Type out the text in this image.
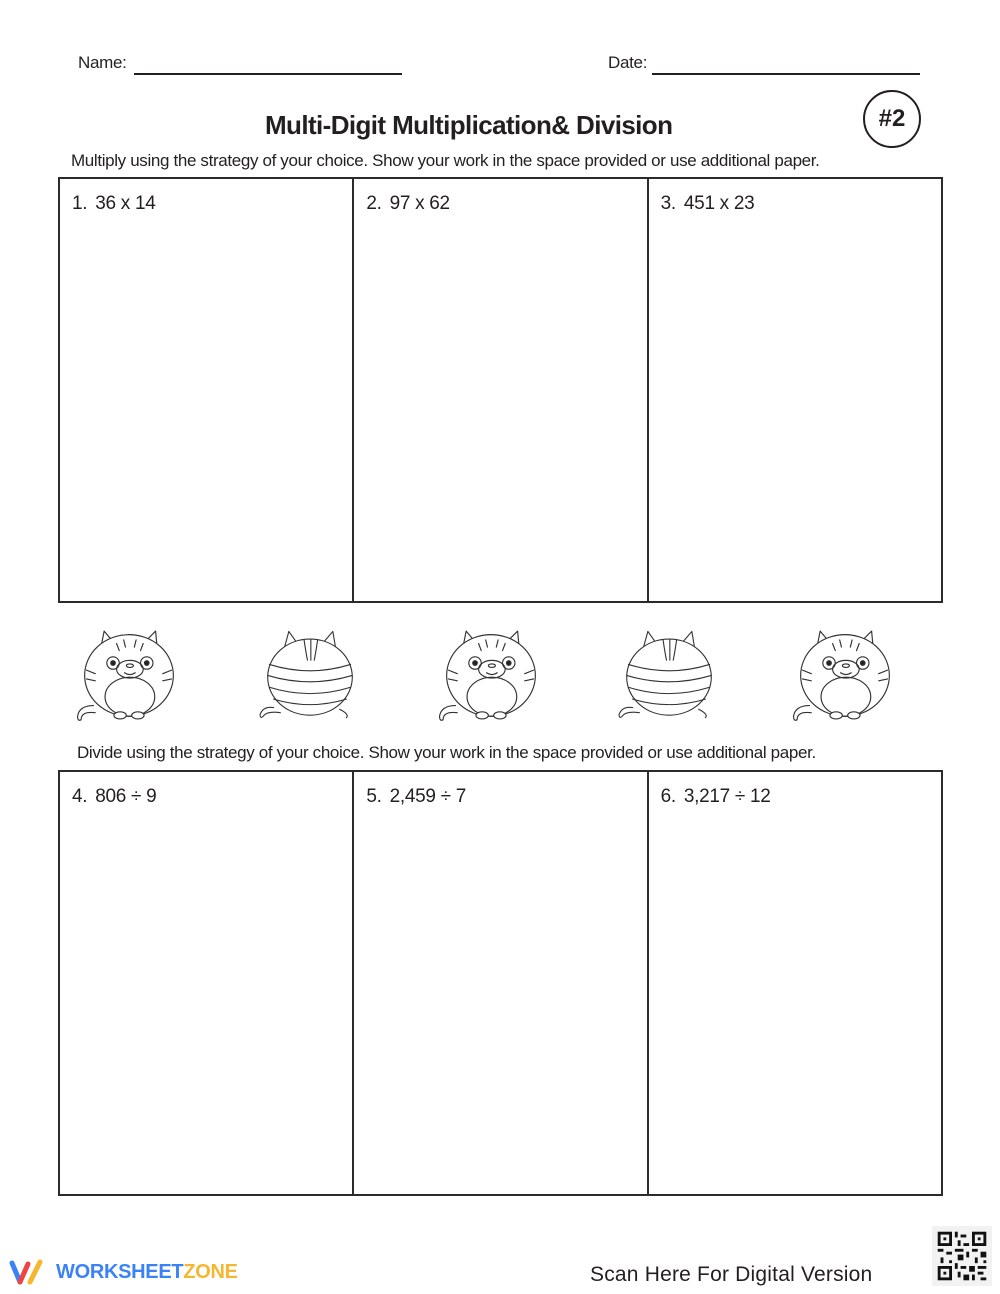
Name:	Date:
Multi-Digit Multiplication& Division	#2
Multiply using the strategy of your choice. Show your work in the space provided or use additional paper.
1. 36 x 14	2. 97 x 62	3. 451 x 23
Divide using the strategy of your choice. Show your work in the space provided or use additional paper.
4. 806 ÷ 9	5. 2,459 ÷ 7	6. 3,217 ÷ 12
WORKSHEETZONE	Scan Here For Digital Version
